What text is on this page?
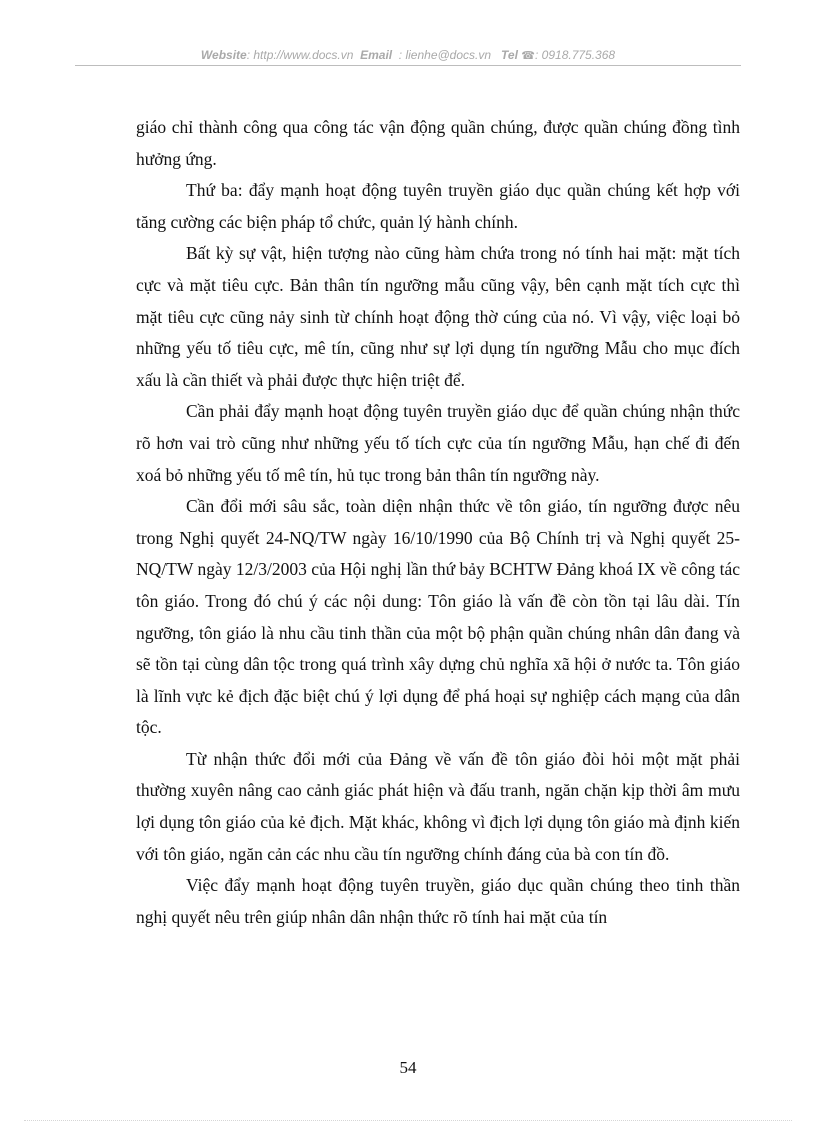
Website: http://www.docs.vn Email : lienhe@docs.vn Tel ☎: 0918.775.368

giáo chỉ thành công qua công tác vận động quần chúng, được quần chúng đồng tình hưởng ứng.

Thứ ba: đẩy mạnh hoạt động tuyên truyền giáo dục quần chúng kết hợp với tăng cường các biện pháp tổ chức, quản lý hành chính.

Bất kỳ sự vật, hiện tượng nào cũng hàm chứa trong nó tính hai mặt: mặt tích cực và mặt tiêu cực. Bản thân tín ngưỡng mẫu cũng vậy, bên cạnh mặt tích cực thì mặt tiêu cực cũng nảy sinh từ chính hoạt động thờ cúng của nó. Vì vậy, việc loại bỏ những yếu tố tiêu cực, mê tín, cũng như sự lợi dụng tín ngưỡng Mẫu cho mục đích xấu là cần thiết và phải được thực hiện triệt để.

Cần phải đẩy mạnh hoạt động tuyên truyền giáo dục để quần chúng nhận thức rõ hơn vai trò cũng như những yếu tố tích cực của tín ngưỡng Mẫu, hạn chế đi đến xoá bỏ những yếu tố mê tín, hủ tục trong bản thân tín ngưỡng này.

Cần đổi mới sâu sắc, toàn diện nhận thức về tôn giáo, tín ngưỡng được nêu trong Nghị quyết 24-NQ/TW ngày 16/10/1990 của Bộ Chính trị và Nghị quyết 25-NQ/TW ngày 12/3/2003 của Hội nghị lần thứ bảy BCHTW Đảng khoá IX về công tác tôn giáo. Trong đó chú ý các nội dung: Tôn giáo là vấn đề còn tồn tại lâu dài. Tín ngưỡng, tôn giáo là nhu cầu tinh thần của một bộ phận quần chúng nhân dân đang và sẽ tồn tại cùng dân tộc trong quá trình xây dựng chủ nghĩa xã hội ở nước ta. Tôn giáo là lĩnh vực kẻ địch đặc biệt chú ý lợi dụng để phá hoại sự nghiệp cách mạng của dân tộc.

Từ nhận thức đổi mới của Đảng về vấn đề tôn giáo đòi hỏi một mặt phải thường xuyên nâng cao cảnh giác phát hiện và đấu tranh, ngăn chặn kịp thời âm mưu lợi dụng tôn giáo của kẻ địch. Mặt khác, không vì địch lợi dụng tôn giáo mà định kiến với tôn giáo, ngăn cản các nhu cầu tín ngưỡng chính đáng của bà con tín đồ.

Việc đẩy mạnh hoạt động tuyên truyền, giáo dục quần chúng theo tinh thần nghị quyết nêu trên giúp nhân dân nhận thức rõ tính hai mặt của tín

54
